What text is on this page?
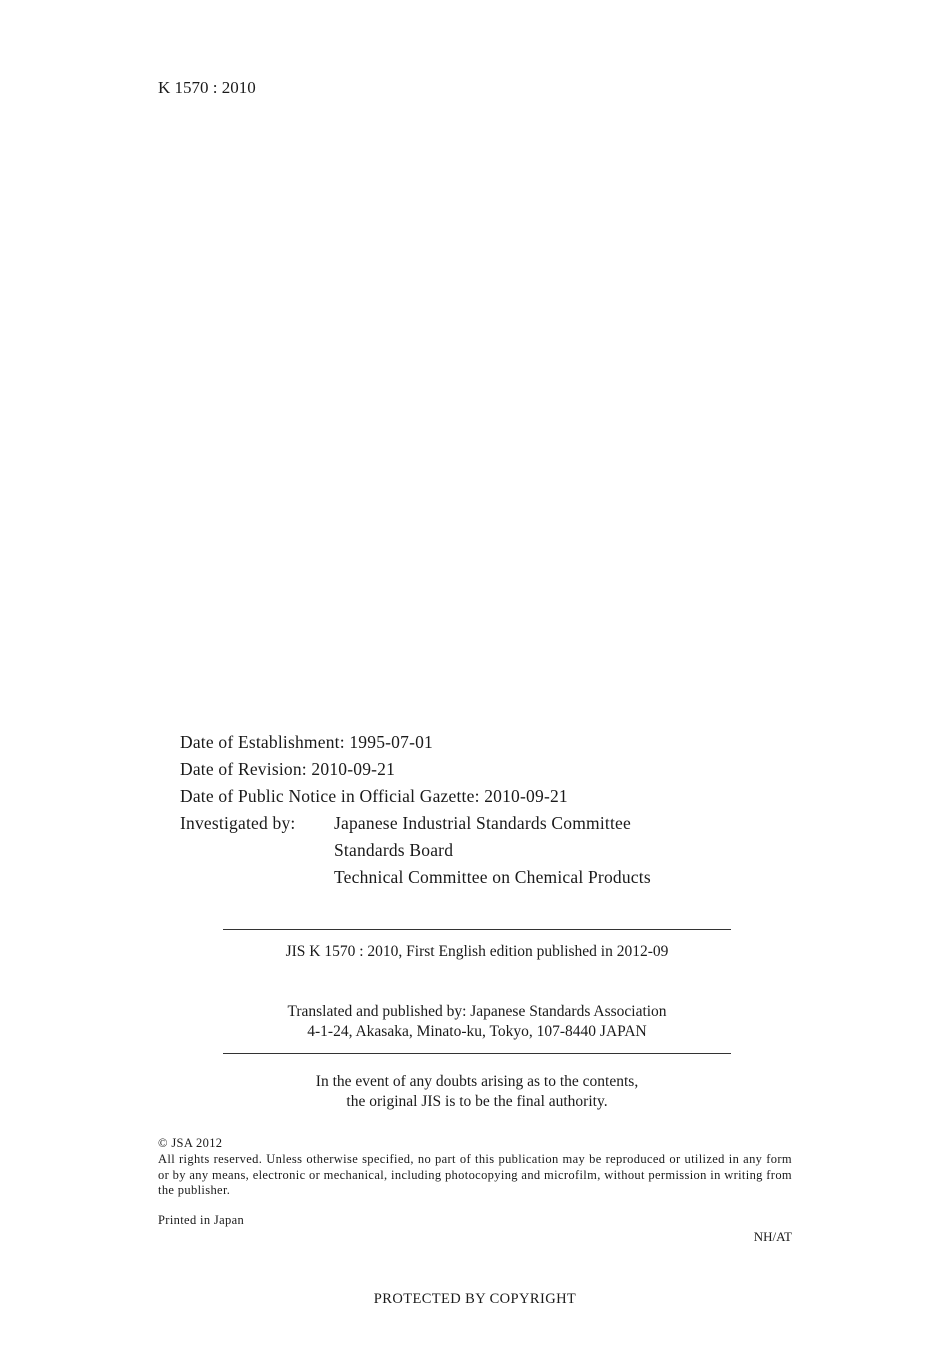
K 1570 : 2010
Date of Establishment: 1995-07-01
Date of Revision: 2010-09-21
Date of Public Notice in Official Gazette: 2010-09-21
Investigated by: Japanese Industrial Standards Committee
Standards Board
Technical Committee on Chemical Products
JIS K 1570 : 2010, First English edition published in 2012-09
Translated and published by: Japanese Standards Association
4-1-24, Akasaka, Minato-ku, Tokyo, 107-8440 JAPAN
In the event of any doubts arising as to the contents,
the original JIS is to be the final authority.
© JSA 2012
All rights reserved. Unless otherwise specified, no part of this publication may be reproduced or utilized in any form or by any means, electronic or mechanical, including photocopying and microfilm, without permission in writing from the publisher.
Printed in Japan
NH/AT
PROTECTED BY COPYRIGHT
